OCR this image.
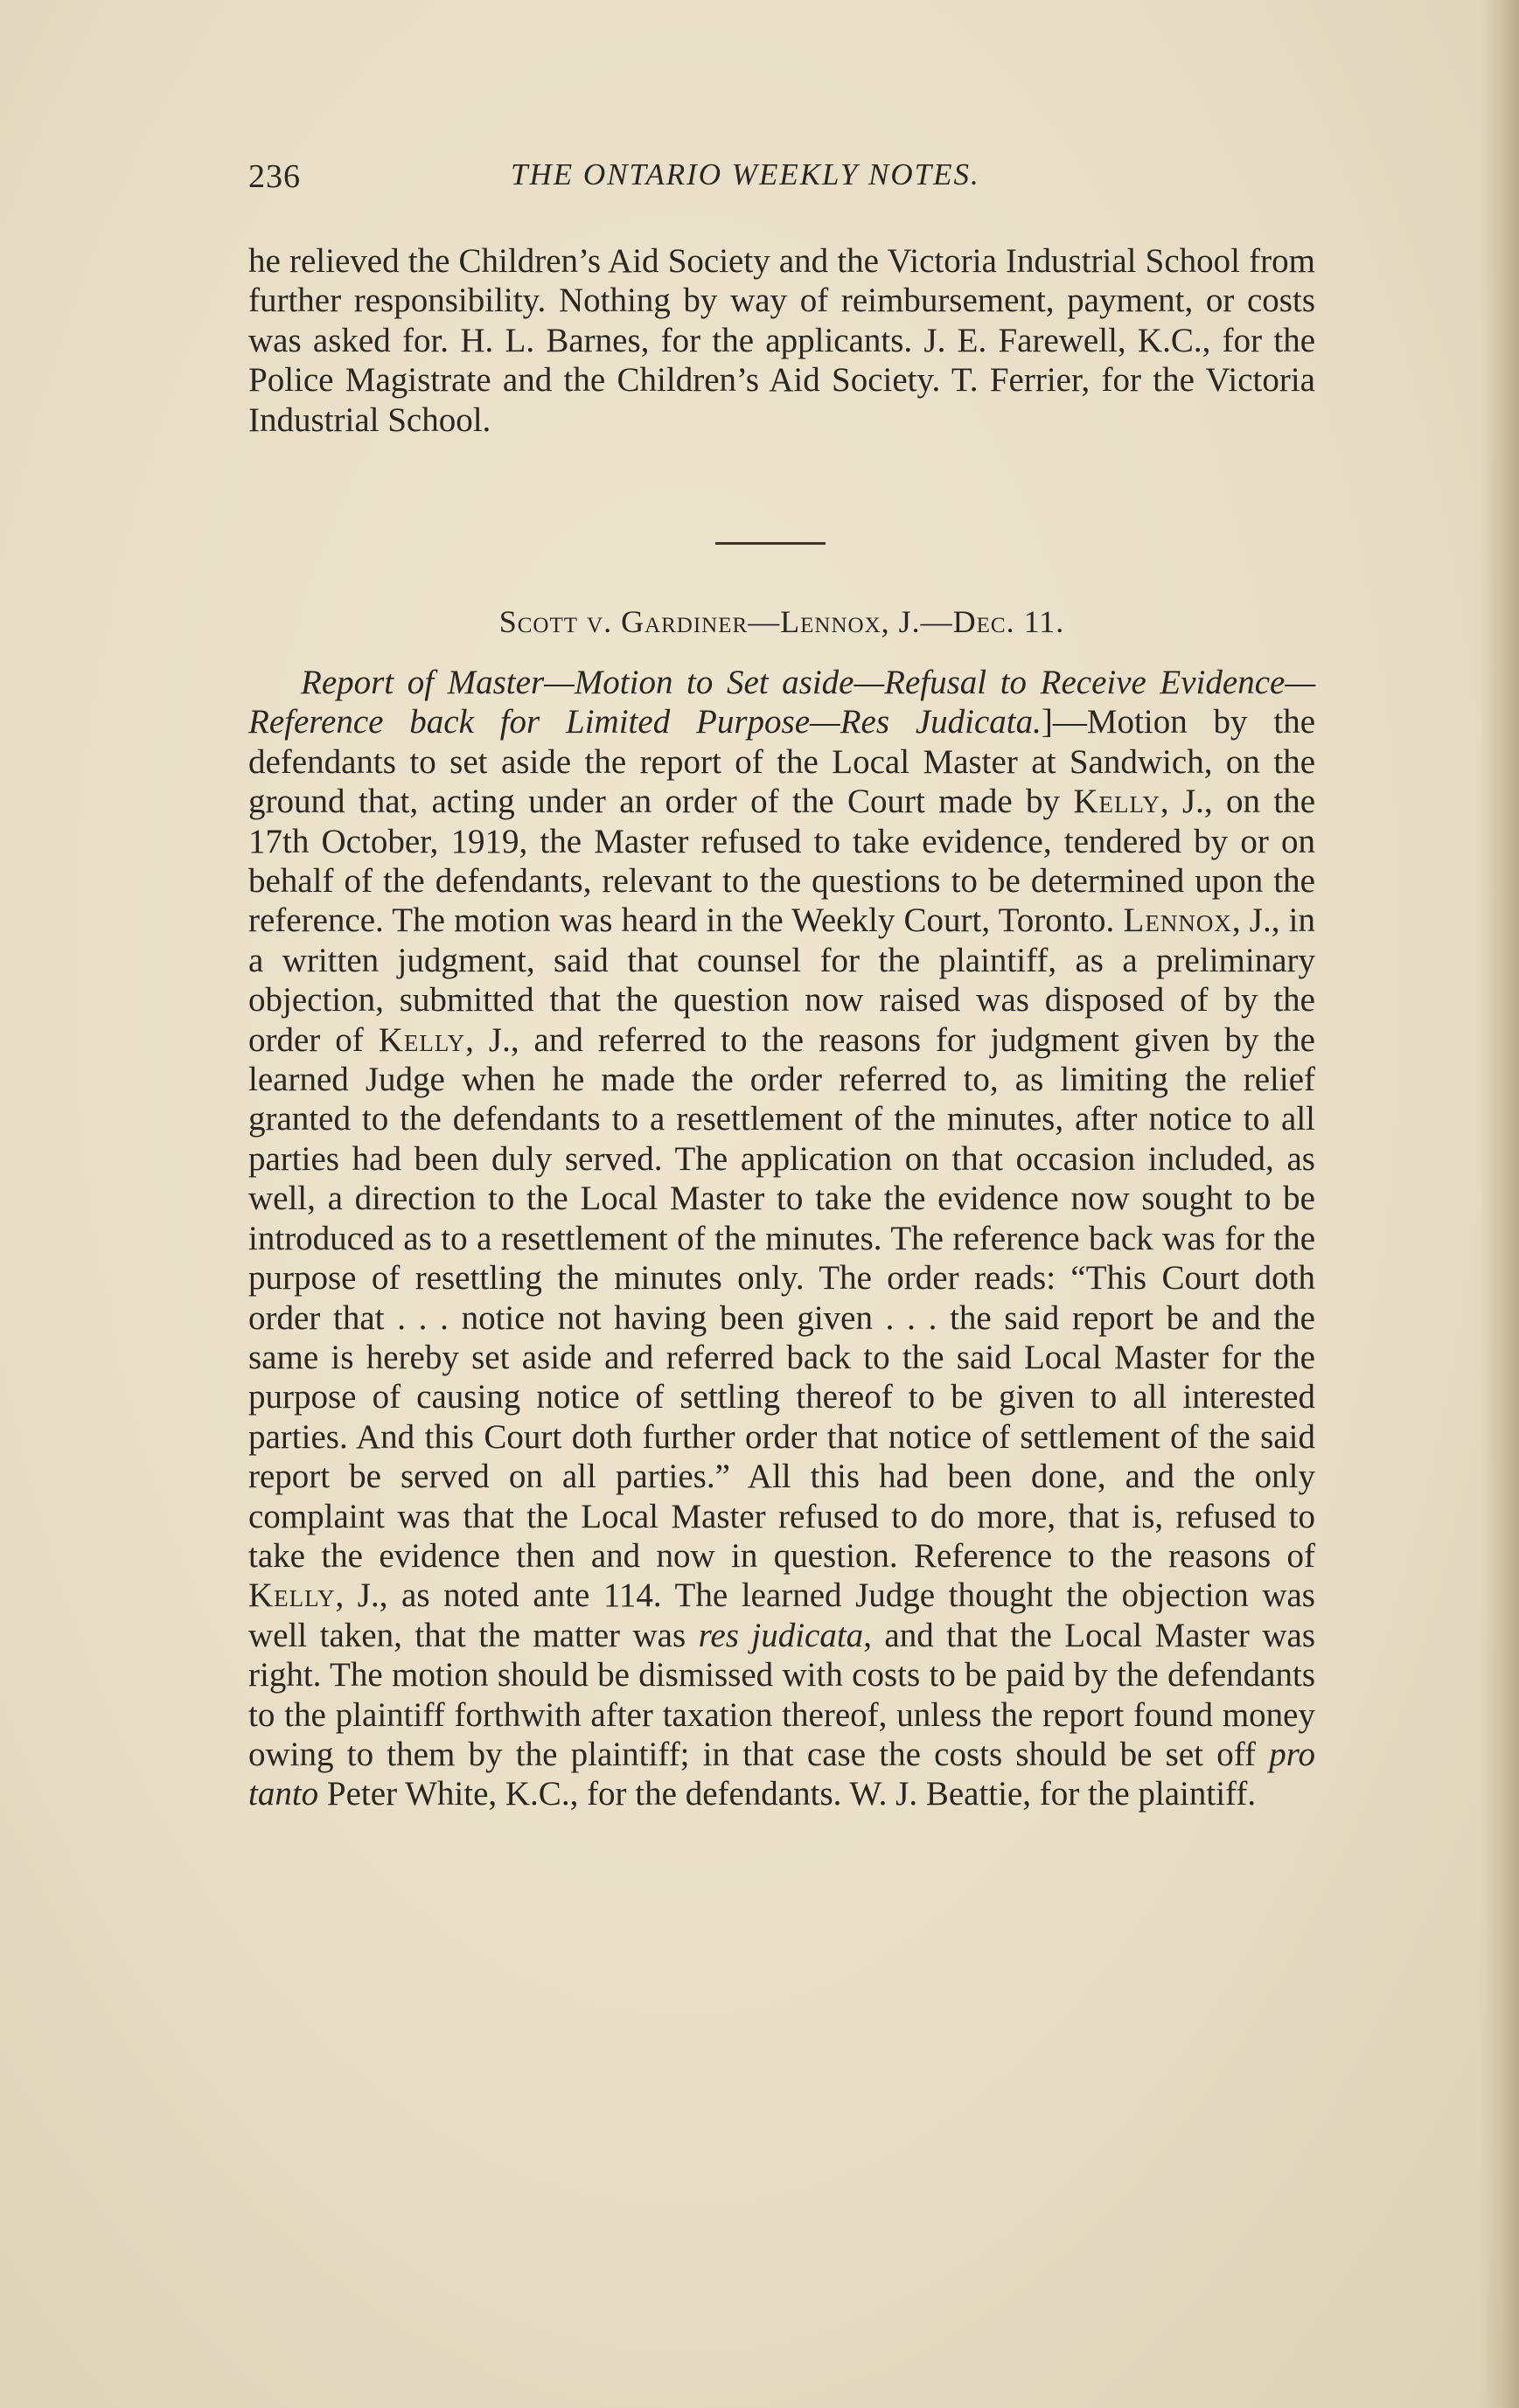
236	THE ONTARIO WEEKLY NOTES.
he relieved the Children’s Aid Society and the Victoria Industrial School from further responsibility. Nothing by way of reimbursement, payment, or costs was asked for. H. L. Barnes, for the applicants. J. E. Farewell, K.C., for the Police Magistrate and the Children’s Aid Society. T. Ferrier, for the Victoria Industrial School.
Scott v. Gardiner—Lennox, J.—Dec. 11.
Report of Master—Motion to Set aside—Refusal to Receive Evidence—Reference back for Limited Purpose—Res Judicata.]—Motion by the defendants to set aside the report of the Local Master at Sandwich, on the ground that, acting under an order of the Court made by Kelly, J., on the 17th October, 1919, the Master refused to take evidence, tendered by or on behalf of the defendants, relevant to the questions to be determined upon the reference. The motion was heard in the Weekly Court, Toronto. Lennox, J., in a written judgment, said that counsel for the plaintiff, as a preliminary objection, submitted that the question now raised was disposed of by the order of Kelly, J., and referred to the reasons for judgment given by the learned Judge when he made the order referred to, as limiting the relief granted to the defendants to a resettlement of the minutes, after notice to all parties had been duly served. The application on that occasion included, as well, a direction to the Local Master to take the evidence now sought to be introduced as to a resettlement of the minutes. The reference back was for the purpose of resettling the minutes only. The order reads: “This Court doth order that . . . notice not having been given . . . the said report be and the same is hereby set aside and referred back to the said Local Master for the purpose of causing notice of settling thereof to be given to all interested parties. And this Court doth further order that notice of settlement of the said report be served on all parties.” All this had been done, and the only complaint was that the Local Master refused to do more, that is, refused to take the evidence then and now in question. Reference to the reasons of Kelly, J., as noted ante 114. The learned Judge thought the objection was well taken, that the matter was res judicata, and that the Local Master was right. The motion should be dismissed with costs to be paid by the defendants to the plaintiff forthwith after taxation thereof, unless the report found money owing to them by the plaintiff; in that case the costs should be set off pro tanto Peter White, K.C., for the defendants. W. J. Beattie, for the plaintiff.
